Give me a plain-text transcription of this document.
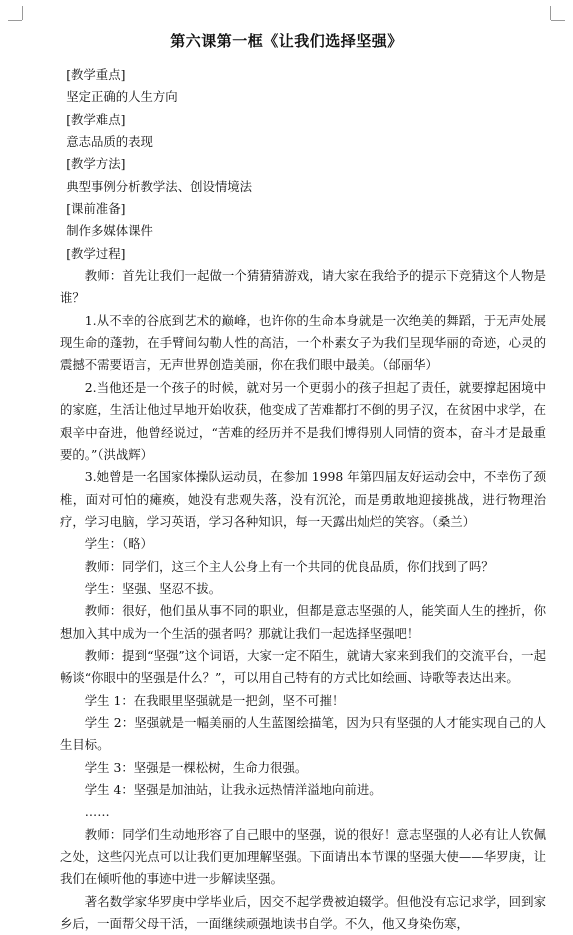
第六课第一框《让我们选择坚强》

[教学重点]

坚定正确的人生方向

[教学难点]

意志品质的表现

[教学方法]

典型事例分析教学法、创设情境法

[课前准备]

制作多媒体课件

[教学过程]

教师：首先让我们一起做一个猜猜猜游戏，请大家在我给予的提示下竞猜这个人物是谁？

1.从不幸的谷底到艺术的巅峰，也许你的生命本身就是一次绝美的舞蹈，于无声处展现生命的蓬勃，在手臂间勾勒人性的高洁，一个朴素女子为我们呈现华丽的奇迹，心灵的震撼不需要语言，无声世界创造美丽，你在我们眼中最美。（邰丽华）

2.当他还是一个孩子的时候，就对另一个更弱小的孩子担起了责任，就要撑起困境中的家庭，生活让他过早地开始收获，他变成了苦难都打不倒的男子汉，在贫困中求学，在艰辛中奋进，他曾经说过，“苦难的经历并不是我们博得别人同情的资本，奋斗才是最重要的。”（洪战辉）

3.她曾是一名国家体操队运动员，在参加 1998 年第四届友好运动会中，不幸伤了颈椎，面对可怕的瘫痪，她没有悲观失落，没有沉沦，而是勇敢地迎接挑战，进行物理治疗，学习电脑，学习英语，学习各种知识，每一天露出灿烂的笑容。（桑兰）

学生：（略）

教师：同学们，这三个主人公身上有一个共同的优良品质，你们找到了吗？

学生：坚强、坚忍不拔。

教师：很好，他们虽从事不同的职业，但都是意志坚强的人，能笑面人生的挫折，你想加入其中成为一个生活的强者吗？那就让我们一起选择坚强吧！

教师：提到“坚强”这个词语，大家一定不陌生，就请大家来到我们的交流平台，一起畅谈“你眼中的坚强是什么？”，可以用自己特有的方式比如绘画、诗歌等表达出来。

学生 1：在我眼里坚强就是一把剑，坚不可摧！

学生 2：坚强就是一幅美丽的人生蓝图绘描笔，因为只有坚强的人才能实现自己的人生目标。

学生 3：坚强是一棵松树，生命力很强。

学生 4：坚强是加油站，让我永远热情洋溢地向前进。

……

教师：同学们生动地形容了自己眼中的坚强，说的很好！意志坚强的人必有让人钦佩之处，这些闪光点可以让我们更加理解坚强。下面请出本节课的坚强大使——华罗庚，让我们在倾听他的事迹中进一步解读坚强。

著名数学家华罗庚中学毕业后，因交不起学费被迫辍学。但他没有忘记求学，回到家乡后，一面帮父母干活，一面继续顽强地读书自学。不久，他又身染伤寒，
